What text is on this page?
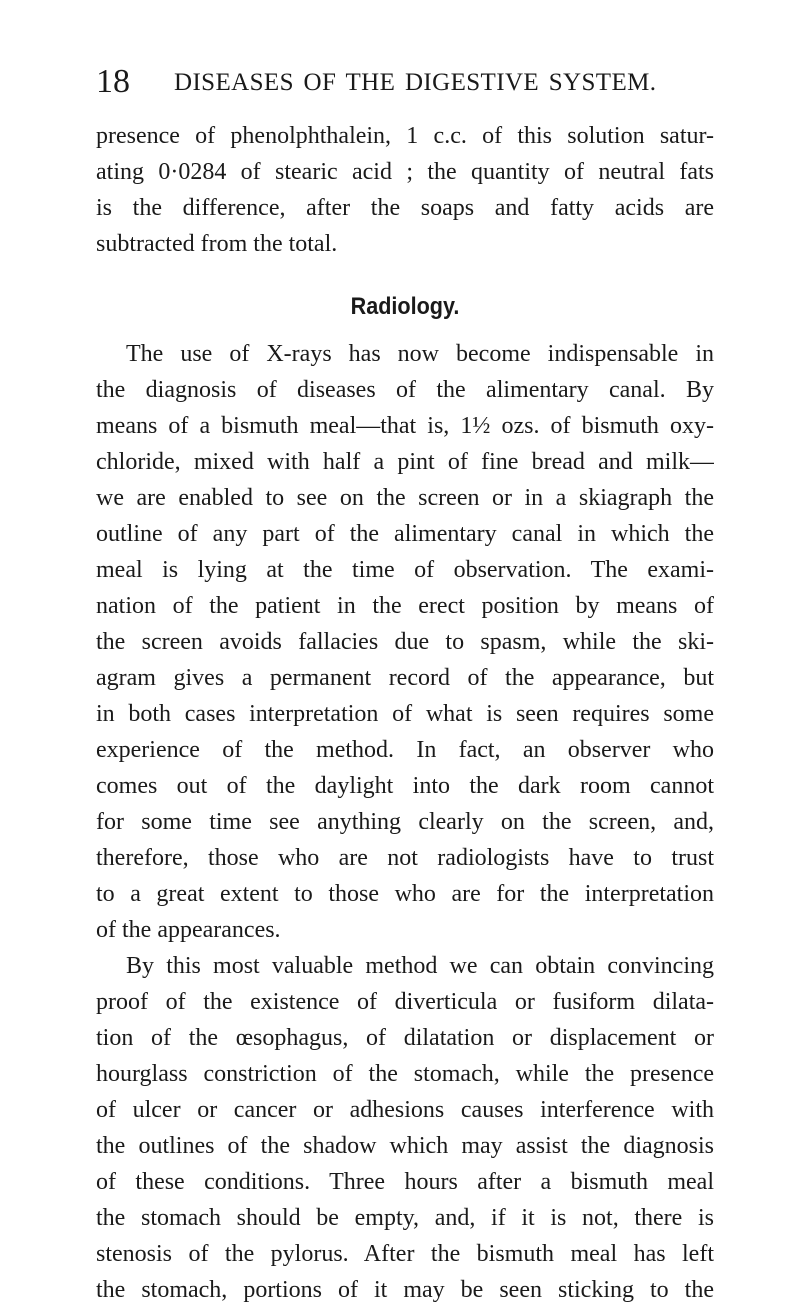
18 DISEASES OF THE DIGESTIVE SYSTEM.
presence of phenolphthalein, 1 c.c. of this solution satur-
ating 0·0284 of stearic acid ; the quantity of neutral fats
is the difference, after the soaps and fatty acids are
subtracted from the total.
Radiology.
The use of X-rays has now become indispensable in
the diagnosis of diseases of the alimentary canal. By
means of a bismuth meal—that is, 1½ ozs. of bismuth oxy-
chloride, mixed with half a pint of fine bread and milk—
we are enabled to see on the screen or in a skiagraph the
outline of any part of the alimentary canal in which the
meal is lying at the time of observation. The exami-
nation of the patient in the erect position by means of
the screen avoids fallacies due to spasm, while the ski-
agram gives a permanent record of the appearance, but
in both cases interpretation of what is seen requires some
experience of the method. In fact, an observer who
comes out of the daylight into the dark room cannot
for some time see anything clearly on the screen, and,
therefore, those who are not radiologists have to trust
to a great extent to those who are for the interpretation
of the appearances.
By this most valuable method we can obtain convincing
proof of the existence of diverticula or fusiform dilata-
tion of the œsophagus, of dilatation or displacement or
hourglass constriction of the stomach, while the presence
of ulcer or cancer or adhesions causes interference with
the outlines of the shadow which may assist the diagnosis
of these conditions. Three hours after a bismuth meal
the stomach should be empty, and, if it is not, there is
stenosis of the pylorus. After the bismuth meal has left
the stomach, portions of it may be seen sticking to the
